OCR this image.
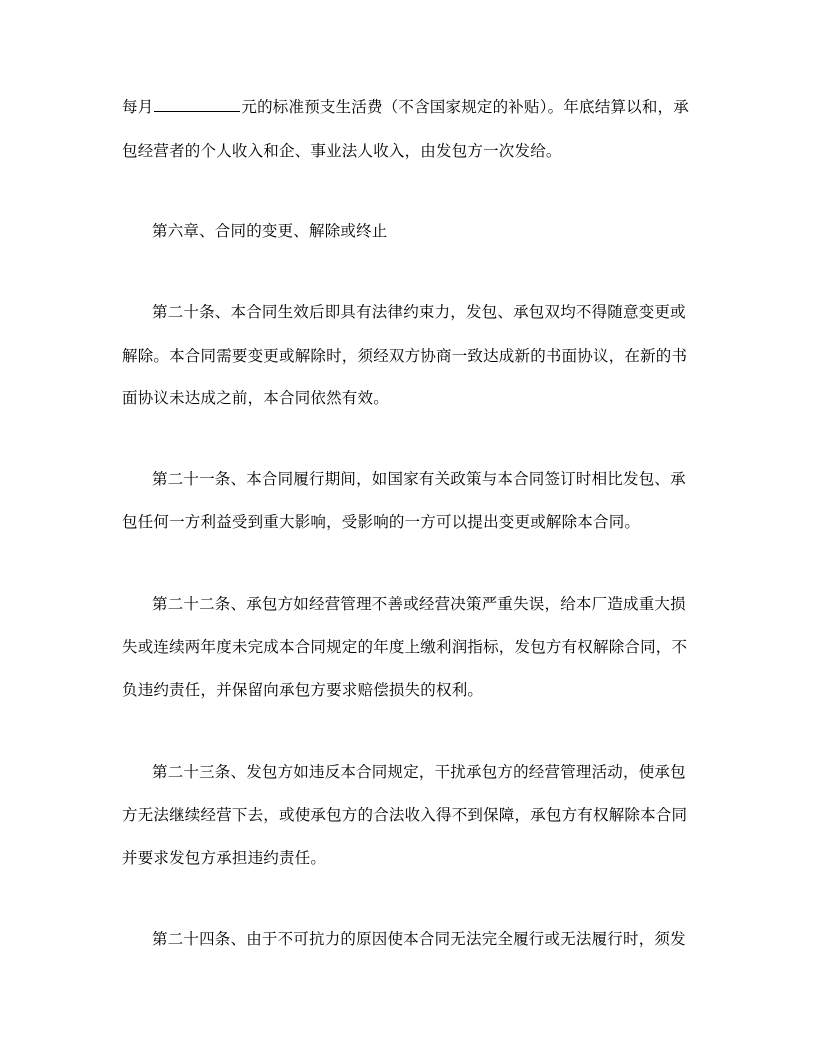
每月	元的标准预支生活费（不含国家规定的补贴）。年底结算以和，承
包经营者的个人收入和企、事业法人收入，由发包方一次发给。
第六章、合同的变更、解除或终止
第二十条、本合同生效后即具有法律约束力，发包、承包双均不得随意变更或
解除。本合同需要变更或解除时，须经双方协商一致达成新的书面协议，在新的书
面协议未达成之前，本合同依然有效。
第二十一条、本合同履行期间，如国家有关政策与本合同签订时相比发包、承
包任何一方利益受到重大影响，受影响的一方可以提出变更或解除本合同。
第二十二条、承包方如经营管理不善或经营决策严重失误，给本厂造成重大损
失或连续两年度未完成本合同规定的年度上缴利润指标，发包方有权解除合同，不
负违约责任，并保留向承包方要求赔偿损失的权利。
第二十三条、发包方如违反本合同规定，干扰承包方的经营管理活动，使承包
方无法继续经营下去，或使承包方的合法收入得不到保障，承包方有权解除本合同
并要求发包方承担违约责任。
第二十四条、由于不可抗力的原因使本合同无法完全履行或无法履行时，须发
